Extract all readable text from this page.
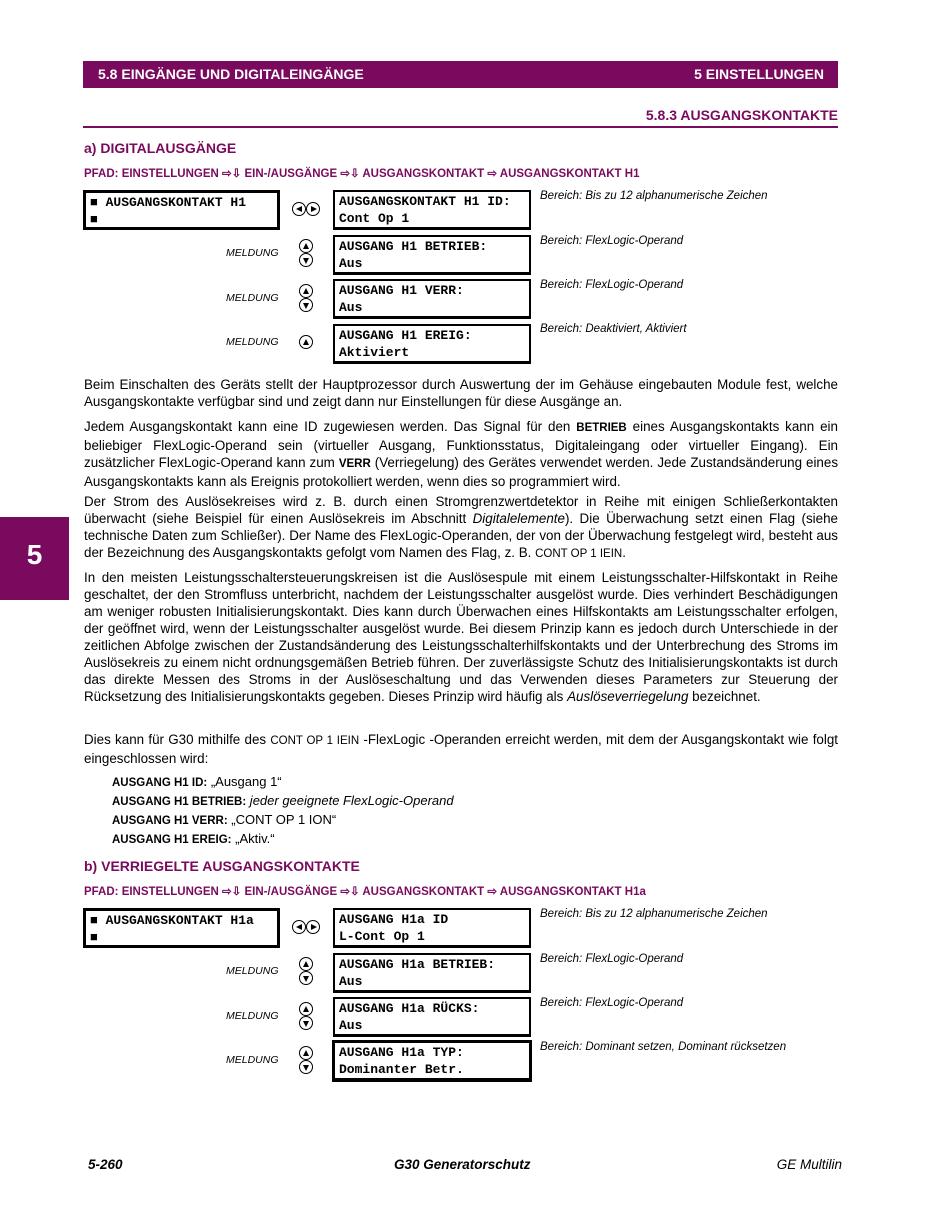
5.8 EINGÄNGE UND DIGITALEINGÄNGE	5 EINSTELLUNGEN
5.8.3 AUSGANGSKONTAKTE
5
a) DIGITALAUSGÄNGE
PFAD: EINSTELLUNGEN ⇨⇩ EIN-/AUSGÄNGE ⇨⇩ AUSGANGSKONTAKT ⇨ AUSGANGSKONTAKT H1
■ AUSGANGSKONTAKT H1
■
AUSGANGSKONTAKT H1 ID:
Cont Op 1
Bereich: Bis zu 12 alphanumerische Zeichen
MELDUNG	AUSGANG H1 BETRIEB:
Aus
Bereich: FlexLogic-Operand
MELDUNG	AUSGANG H1 VERR:
Aus
Bereich: FlexLogic-Operand
MELDUNG	AUSGANG H1 EREIG:
Aktiviert
Bereich: Deaktiviert, Aktiviert
Beim Einschalten des Geräts stellt der Hauptprozessor durch Auswertung der im Gehäuse eingebauten Module fest, welche Ausgangskontakte verfügbar sind und zeigt dann nur Einstellungen für diese Ausgänge an.
Jedem Ausgangskontakt kann eine ID zugewiesen werden. Das Signal für den BETRIEB eines Ausgangskontakts kann ein beliebiger FlexLogic-Operand sein (virtueller Ausgang, Funktionsstatus, Digitaleingang oder virtueller Eingang). Ein zusätzlicher FlexLogic-Operand kann zum VERR (Verriegelung) des Gerätes verwendet werden. Jede Zustandsänderung eines Ausgangskontakts kann als Ereignis protokolliert werden, wenn dies so programmiert wird.
Der Strom des Auslösekreises wird z. B. durch einen Stromgrenzwertdetektor in Reihe mit einigen Schließerkontakten überwacht (siehe Beispiel für einen Auslösekreis im Abschnitt Digitalelemente). Die Überwachung setzt einen Flag (siehe technische Daten zum Schließer). Der Name des FlexLogic-Operanden, der von der Überwachung festgelegt wird, besteht aus der Bezeichnung des Ausgangskontakts gefolgt vom Namen des Flag, z. B. CONT OP 1 IEIN.
In den meisten Leistungsschaltersteuerungskreisen ist die Auslösespule mit einem Leistungsschalter-Hilfskontakt in Reihe geschaltet, der den Stromfluss unterbricht, nachdem der Leistungsschalter ausgelöst wurde. Dies verhindert Beschädigungen am weniger robusten Initialisierungskontakt. Dies kann durch Überwachen eines Hilfskontakts am Leistungsschalter erfolgen, der geöffnet wird, wenn der Leistungsschalter ausgelöst wurde. Bei diesem Prinzip kann es jedoch durch Unterschiede in der zeitlichen Abfolge zwischen der Zustandsänderung des Leistungsschalterhilfskontakts und der Unterbrechung des Stroms im Auslösekreis zu einem nicht ordnungsgemäßen Betrieb führen. Der zuverlässigste Schutz des Initialisierungskontakts ist durch das direkte Messen des Stroms in der Auslöseschaltung und das Verwenden dieses Parameters zur Steuerung der Rücksetzung des Initialisierungskontakts gegeben. Dieses Prinzip wird häufig als Auslöseverriegelung bezeichnet.
Dies kann für G30 mithilfe des CONT OP 1 IEIN -FlexLogic -Operanden erreicht werden, mit dem der Ausgangskontakt wie folgt eingeschlossen wird:
AUSGANG H1 ID: „Ausgang 1“
AUSGANG H1 BETRIEB: jeder geeignete FlexLogic-Operand
AUSGANG H1 VERR: „CONT OP 1 ION“
AUSGANG H1 EREIG: „Aktiv.“
b) VERRIEGELTE AUSGANGSKONTAKTE
PFAD: EINSTELLUNGEN ⇨⇩ EIN-/AUSGÄNGE ⇨⇩ AUSGANGSKONTAKT ⇨ AUSGANGSKONTAKT H1a
■ AUSGANGSKONTAKT H1a
■
AUSGANG H1a ID
L-Cont Op 1
Bereich: Bis zu 12 alphanumerische Zeichen
MELDUNG	AUSGANG H1a BETRIEB:
Aus
Bereich: FlexLogic-Operand
MELDUNG	AUSGANG H1a RÜCKS:
Aus
Bereich: FlexLogic-Operand
MELDUNG	AUSGANG H1a TYP:
Dominanter Betr.
Bereich: Dominant setzen, Dominant rücksetzen
5-260	G30 Generatorschutz	GE Multilin
